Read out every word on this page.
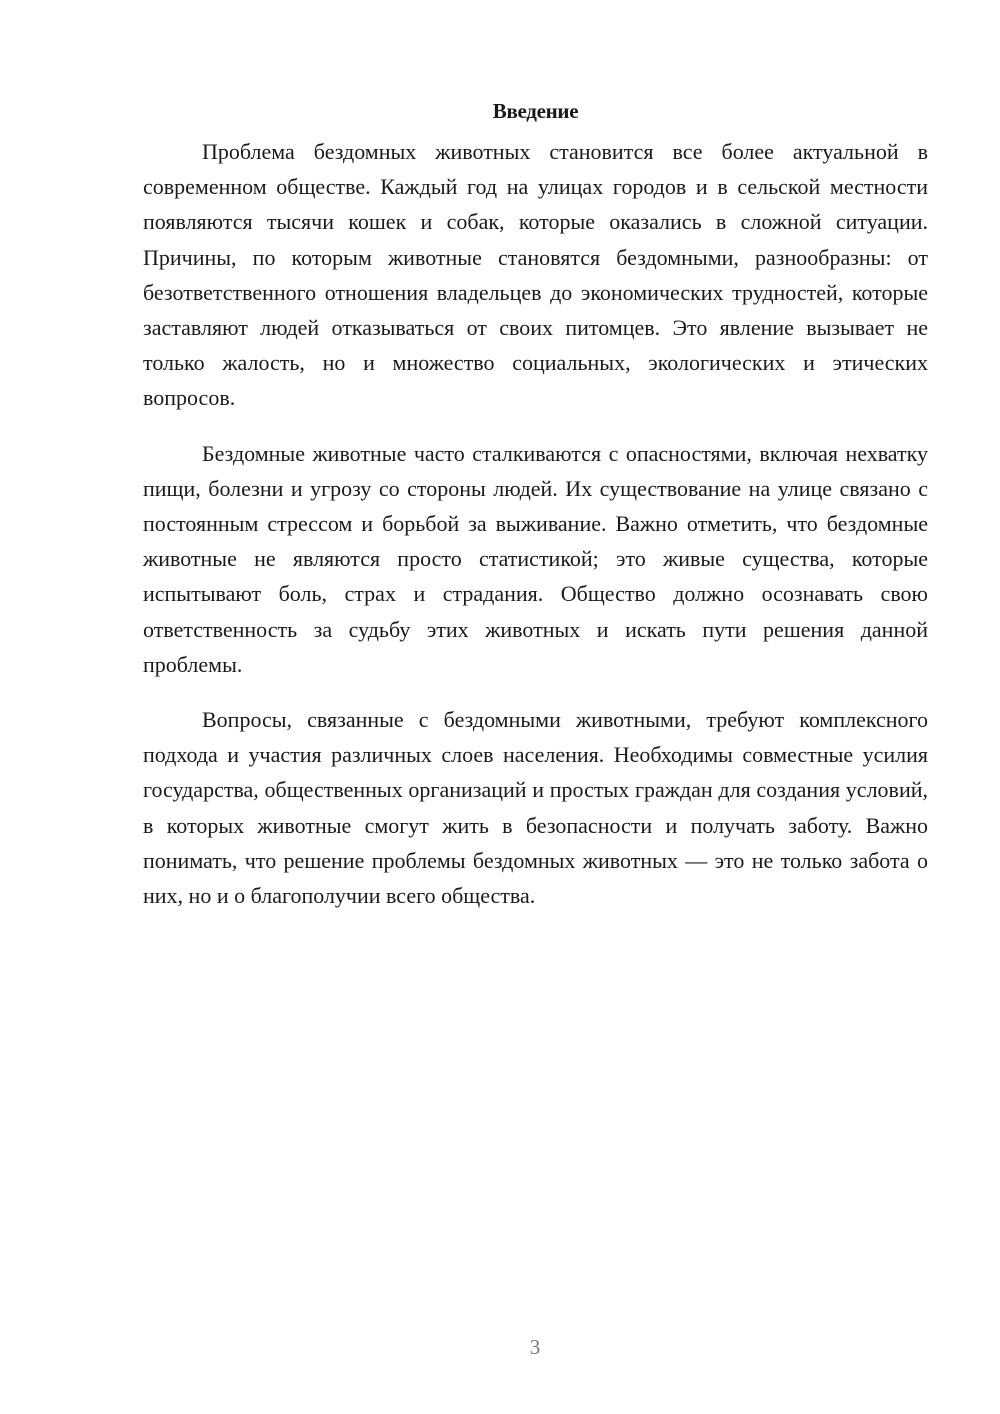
Введение

Проблема бездомных животных становится все более актуальной в современном обществе. Каждый год на улицах городов и в сельской местности появляются тысячи кошек и собак, которые оказались в сложной ситуации. Причины, по которым животные становятся бездомными, разнообразны: от безответственного отношения владельцев до экономических трудностей, которые заставляют людей отказываться от своих питомцев. Это явление вызывает не только жалость, но и множество социальных, экологических и этических вопросов.

Бездомные животные часто сталкиваются с опасностями, включая нехватку пищи, болезни и угрозу со стороны людей. Их существование на улице связано с постоянным стрессом и борьбой за выживание. Важно отметить, что бездомные животные не являются просто статистикой; это живые существа, которые испытывают боль, страх и страдания. Общество должно осознавать свою ответственность за судьбу этих животных и искать пути решения данной проблемы.

Вопросы, связанные с бездомными животными, требуют комплексного подхода и участия различных слоев населения. Необходимы совместные усилия государства, общественных организаций и простых граждан для создания условий, в которых животные смогут жить в безопасности и получать заботу. Важно понимать, что решение проблемы бездомных животных — это не только забота о них, но и о благополучии всего общества.

3
